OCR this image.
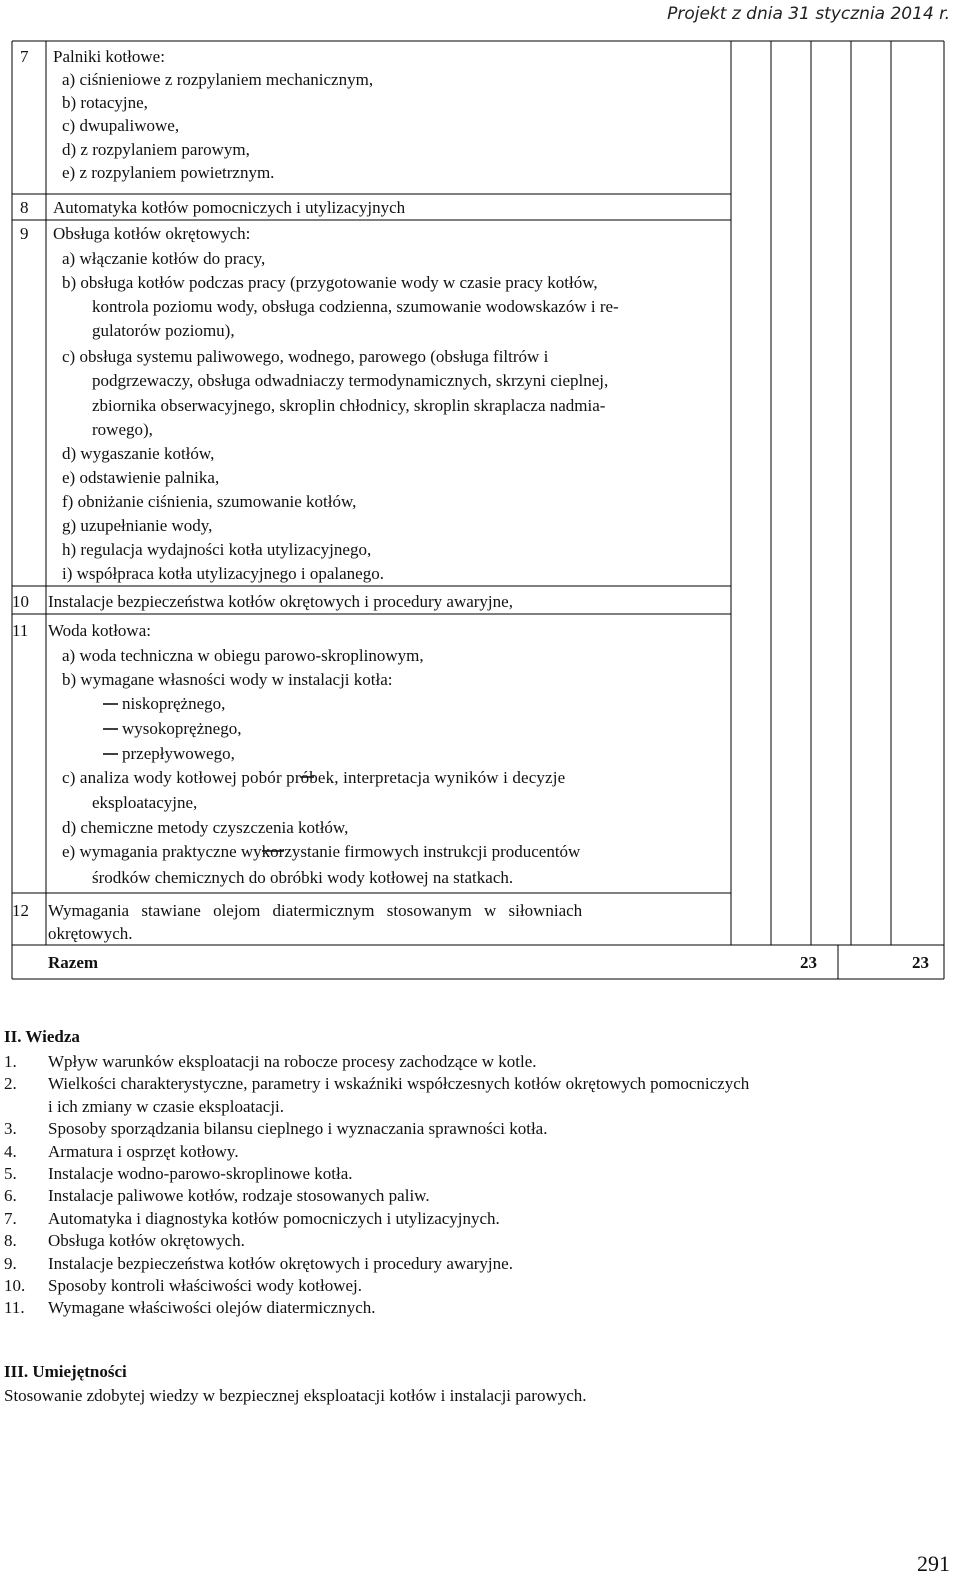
Projekt z dnia 31 stycznia 2014 r.
7 Palniki kotłowe:
a) ciśnieniowe z rozpylaniem mechanicznym,
b) rotacyjne,
c) dwupaliwowe,
d) z rozpylaniem parowym,
e) z rozpylaniem powietrznym.
8 Automatyka kotłów pomocniczych i utylizacyjnych
9 Obsługa kotłów okrętowych:
a) włączanie kotłów do pracy,
b) obsługa kotłów podczas pracy (przygotowanie wody w czasie pracy kotłów,
kontrola poziomu wody, obsługa codzienna, szumowanie wodowskazów i re-
gulatorów poziomu),
c) obsługa systemu paliwowego, wodnego, parowego (obsługa filtrów i
podgrzewaczy, obsługa odwadniaczy termodynamicznych, skrzyni cieplnej,
zbiornika obserwacyjnego, skroplin chłodnicy, skroplin skraplacza nadmia-
rowego),
d) wygaszanie kotłów,
e) odstawienie palnika,
f) obniżanie ciśnienia, szumowanie kotłów,
g) uzupełnianie wody,
h) regulacja wydajności kotła utylizacyjnego,
i) współpraca kotła utylizacyjnego i opalanego.
10 Instalacje bezpieczeństwa kotłów okrętowych i procedury awaryjne,
11 Woda kotłowa:
a) woda techniczna w obiegu parowo-skroplinowym,
b) wymagane własności wody w instalacji kotła:
niskoprężnego,
wysokoprężnego,
przepływowego,
c) analiza wody kotłowej pobór próbek, interpretacja wyników i decyzje
eksploatacyjne,
d) chemiczne metody czyszczenia kotłów,
e) wymagania praktyczne wykorzystanie firmowych instrukcji producentów
środków chemicznych do obróbki wody kotłowej na statkach.
12 Wymagania stawiane olejom diatermicznym stosowanym w siłowniach
okrętowych.
Razem	23	23
II. Wiedza
1.	Wpływ warunków eksploatacji na robocze procesy zachodzące w kotle.
2.	Wielkości charakterystyczne, parametry i wskaźniki współczesnych kotłów okrętowych pomocniczych
i ich zmiany w czasie eksploatacji.
3.	Sposoby sporządzania bilansu cieplnego i wyznaczania sprawności kotła.
4.	Armatura i osprzęt kotłowy.
5.	Instalacje wodno-parowo-skroplinowe kotła.
6.	Instalacje paliwowe kotłów, rodzaje stosowanych paliw.
7.	Automatyka i diagnostyka kotłów pomocniczych i utylizacyjnych.
8.	Obsługa kotłów okrętowych.
9.	Instalacje bezpieczeństwa kotłów okrętowych i procedury awaryjne.
10.	Sposoby kontroli właściwości wody kotłowej.
11.	Wymagane właściwości olejów diatermicznych.
III. Umiejętności
Stosowanie zdobytej wiedzy w bezpiecznej eksploatacji kotłów i instalacji parowych.
291
